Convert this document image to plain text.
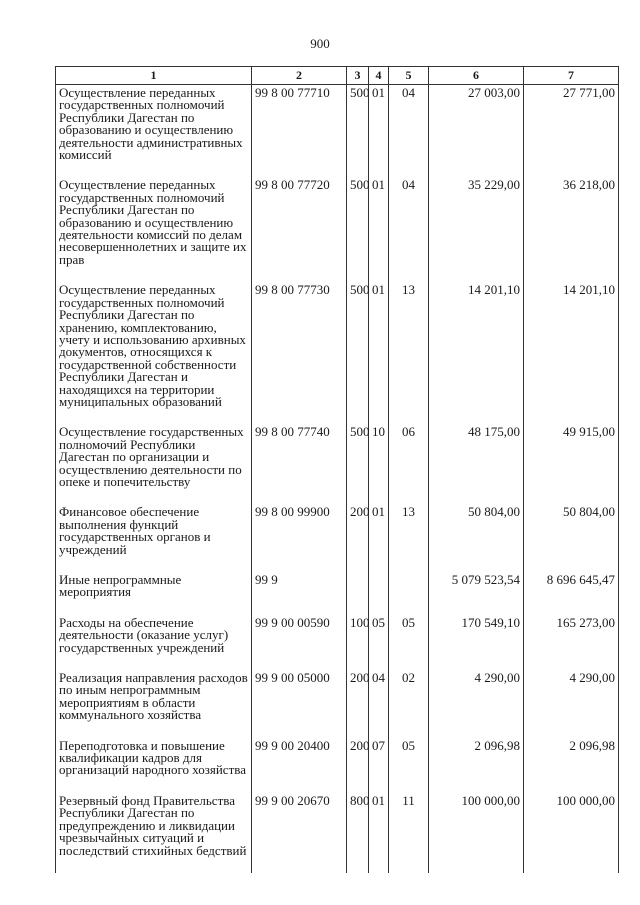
900
1	2	3	4	5	6	7
Осуществление переданных государственных полномочий Республики Дагестан по образованию и осуществлению деятельности административных комиссий	99 8 00 77710	500	01	04	27 003,00	27 771,00
Осуществление переданных государственных полномочий Республики Дагестан по образованию и осуществлению деятельности комиссий по делам несовершеннолетних и защите их прав	99 8 00 77720	500	01	04	35 229,00	36 218,00
Осуществление переданных государственных полномочий Республики Дагестан по хранению, комплектованию, учету и использованию архивных документов, относящихся к государственной собственности Республики Дагестан и находящихся на территории муниципальных образований	99 8 00 77730	500	01	13	14 201,10	14 201,10
Осуществление государственных полномочий Республики Дагестан по организации и осуществлению деятельности по опеке и попечительству	99 8 00 77740	500	10	06	48 175,00	49 915,00
Финансовое обеспечение выполнения функций государственных органов и учреждений	99 8 00 99900	200	01	13	50 804,00	50 804,00
Иные непрограммные мероприятия	99 9				5 079 523,54	8 696 645,47
Расходы на обеспечение деятельности (оказание услуг) государственных учреждений	99 9 00 00590	100	05	05	170 549,10	165 273,00
Реализация направления расходов по иным непрограммным мероприятиям в области коммунального хозяйства	99 9 00 05000	200	04	02	4 290,00	4 290,00
Переподготовка и повышение квалификации кадров для организаций народного хозяйства	99 9 00 20400	200	07	05	2 096,98	2 096,98
Резервный фонд Правительства Республики Дагестан по предупреждению и ликвидации чрезвычайных ситуаций и последствий стихийных бедствий	99 9 00 20670	800	01	11	100 000,00	100 000,00
